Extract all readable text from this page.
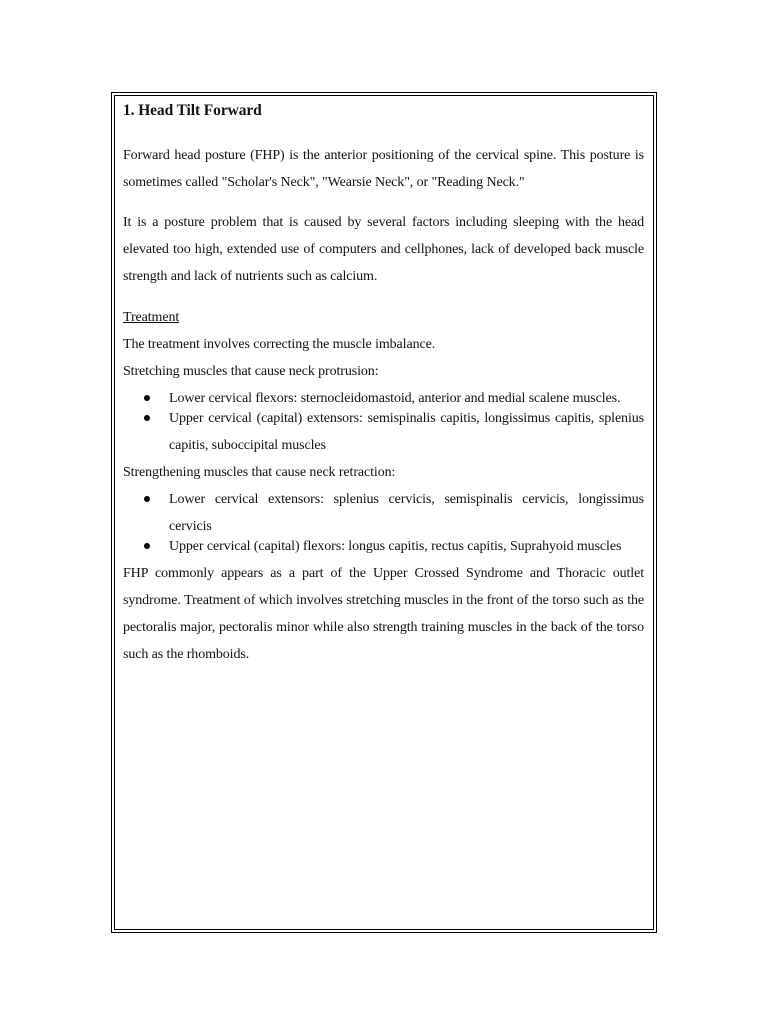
1. Head Tilt Forward

Forward head posture (FHP) is the anterior positioning of the cervical spine. This posture is sometimes called "Scholar's Neck", "Wearsie Neck", or "Reading Neck."

It is a posture problem that is caused by several factors including sleeping with the head elevated too high, extended use of computers and cellphones, lack of developed back muscle strength and lack of nutrients such as calcium.

Treatment

The treatment involves correcting the muscle imbalance.

Stretching muscles that cause neck protrusion:

Lower cervical flexors: sternocleidomastoid, anterior and medial scalene muscles.
Upper cervical (capital) extensors: semispinalis capitis, longissimus capitis, splenius capitis, suboccipital muscles

Strengthening muscles that cause neck retraction:

Lower cervical extensors: splenius cervicis, semispinalis cervicis, longissimus cervicis
Upper cervical (capital) flexors: longus capitis, rectus capitis, Suprahyoid muscles

FHP commonly appears as a part of the Upper Crossed Syndrome and Thoracic outlet syndrome. Treatment of which involves stretching muscles in the front of the torso such as the pectoralis major, pectoralis minor while also strength training muscles in the back of the torso such as the rhomboids.
